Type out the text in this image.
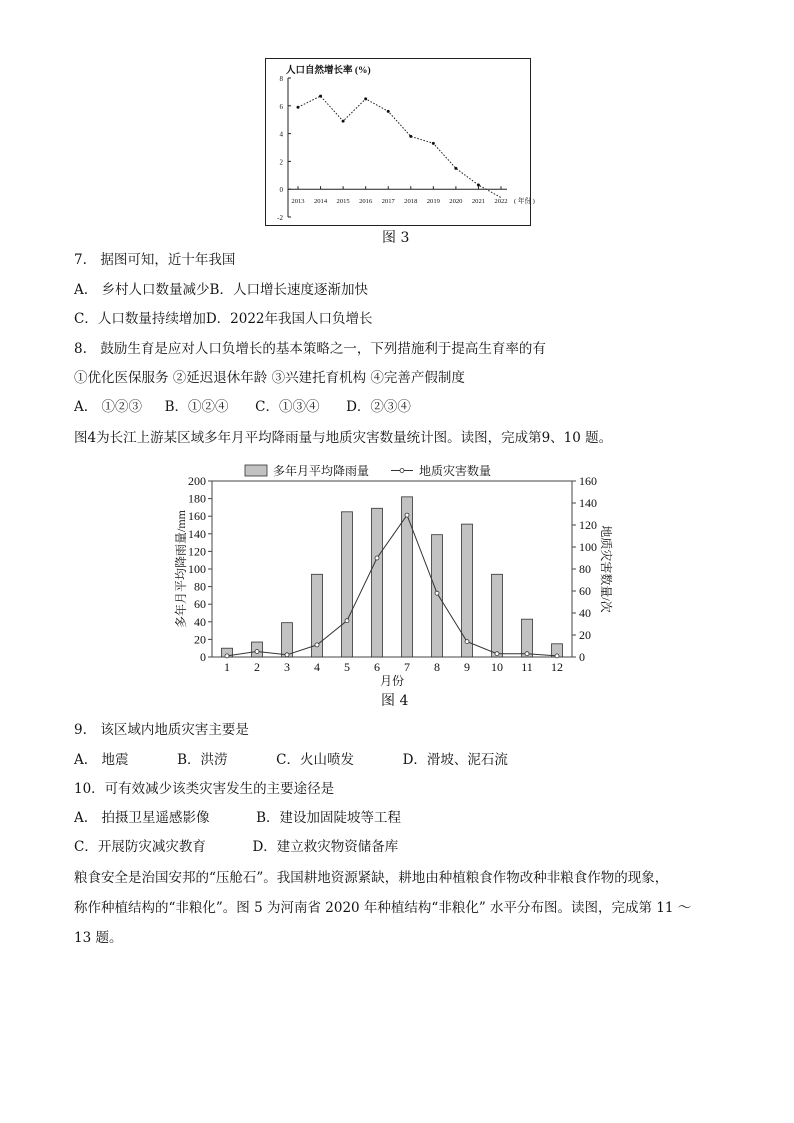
人口自然增长率 (%)
-2
0
2
4
6
8
2013 2014 2015 2016 2017 2018 2019 2020 2021 2022 ( 年份 )
图 3
7.　据图可知，近十年我国
A.　乡村人口数量减少B．人口增长速度逐渐加快
C．人口数量持续增加D．2022年我国人口负增长
8.　鼓励生育是应对人口负增长的基本策略之一，下列措施利于提高生育率的有
①优化医保服务 ②延迟退休年龄 ③兴建托育机构 ④完善产假制度
A.　①②③ B．①②④ C．①③④ D．②③④
图4为长江上游某区域多年月平均降雨量与地质灾害数量统计图。读图，完成第9、10 题。
多年月平均降雨量	地质灾害数量
0
20
40
60
80
100
120
140
160
180
200
0
20
40
60
80
100
120
140
160
多年月平均降雨量/mm	地质灾害数量/次
1 2 3 4 5 6 7 8 9 10 11 12
月份
图 4
9.　该区域内地质灾害主要是
A.　地震	B．洪涝	C．火山喷发	D．滑坡、泥石流
10．可有效减少该类灾害发生的主要途径是
A.　拍摄卫星遥感影像	B．建设加固陡坡等工程
C．开展防灾减灾教育	D．建立救灾物资储备库
粮食安全是治国安邦的“压舱石”。我国耕地资源紧缺，耕地由种植粮食作物改种非粮食作物的现象，
称作种植结构的“非粮化”。图 5 为河南省 2020 年种植结构“非粮化” 水平分布图。读图，完成第 11 ～
13 题。
